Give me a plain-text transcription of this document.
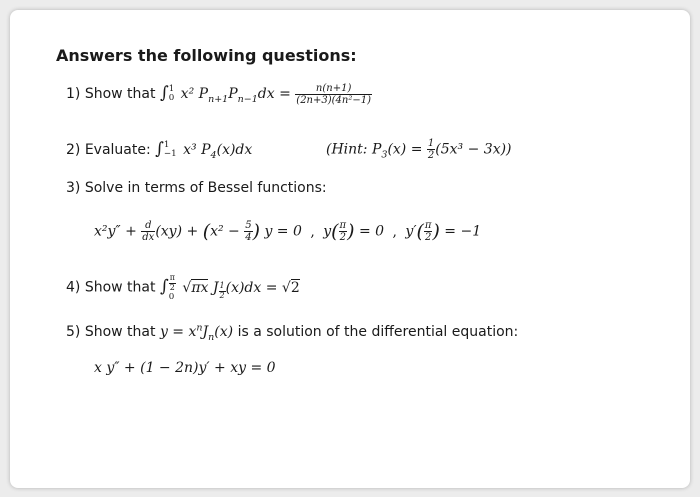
Answers the following questions:
1) Show that ∫ 1
0 x² $P_{n+1}P_{n-1}dx = \frac{n(n+1)}{\text{(2n+3)(4n²−1)}}$
2) Evaluate: ∫ 1
−1 x³ $P_4(x)dx$	(Hint: $P_3(x) = \frac{1}{2} (5x^3 - 3x)$)
3) Solve in terms of Bessel functions:
$x^2y'' + \frac{d}{dx} (xy) + (x^2 - \frac{5}{4}$ ) y = 0 , $y( \frac{\pi}{2}$ ) = 0 , $y'( \frac{\pi}{2}$ ) = −1
4) Show that ∫ π
2
0
√πx J $\frac{1}{2} (x)dx = √2$
5) Show that $y = x^nJ_n(x)$ is a solution of the differential equation:
x y″ + (1 − 2n)y′ + xy = 0
